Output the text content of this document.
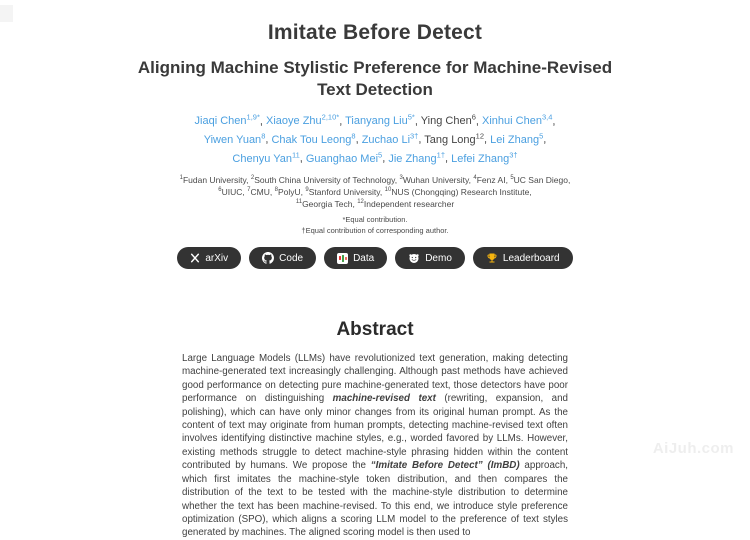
Imitate Before Detect
Aligning Machine Stylistic Preference for Machine-Revised Text Detection
Jiaqi Chen$^{1,9*}$, Xiaoye Zhu$^{2,10*}$, Tianyang Liu$^{5*}$, Ying Chen$^6$, Xinhui Chen$^{3,4}$,
Yiwen Yuan$^8$, Chak Tou Leong$^8$, Zuchao $Li^{3\dagger}$, Tang Long$^{12}$, Lei Zhang$^5$,
Chenyu Yan$^{11}$, Guanghao Mei$^5$, Jie Zhang$^{1\dagger}$, Lefei Zhang$^{3\dagger}$
$^1$Fudan University, $^2$South China University of Technology, $^3$Wuhan University, $^4$Fenz AI, $^5$UC San Diego,
$^6$UIUC, $^7$CMU, $^8$PolyU, $^9$Stanford University, $^{10}$NUS (Chongqing) Research Institute,
$^{11}$Georgia Tech, $^{12}$Independent researcher
*Equal contribution.
†Equal contribution of corresponding author.
arXiv	Code	Data	Demo	Leaderboard
Abstract

Large Language Models (LLMs) have revolutionized text generation, making detecting machine-generated text increasingly challenging. Although past methods have achieved good performance on detecting pure machine-generated text, those detectors have poor performance on distinguishing machine-revised text (rewriting, expansion, and polishing), which can have only minor changes from its original human prompt. As the content of text may originate from human prompts, detecting machine-revised text often involves identifying distinctive machine styles, e.g., worded favored by LLMs. However, existing methods struggle to detect machine-style phrasing hidden within the content contributed by humans. We propose the “Imitate Before Detect” (ImBD) approach, which first imitates the machine-style token distribution, and then compares the distribution of the text to be tested with the machine-style distribution to determine whether the text has been machine-revised. To this end, we introduce style preference optimization (SPO), which aligns a scoring LLM model to the preference of text styles generated by machines. The aligned scoring model is then used to

AiJuh.com
